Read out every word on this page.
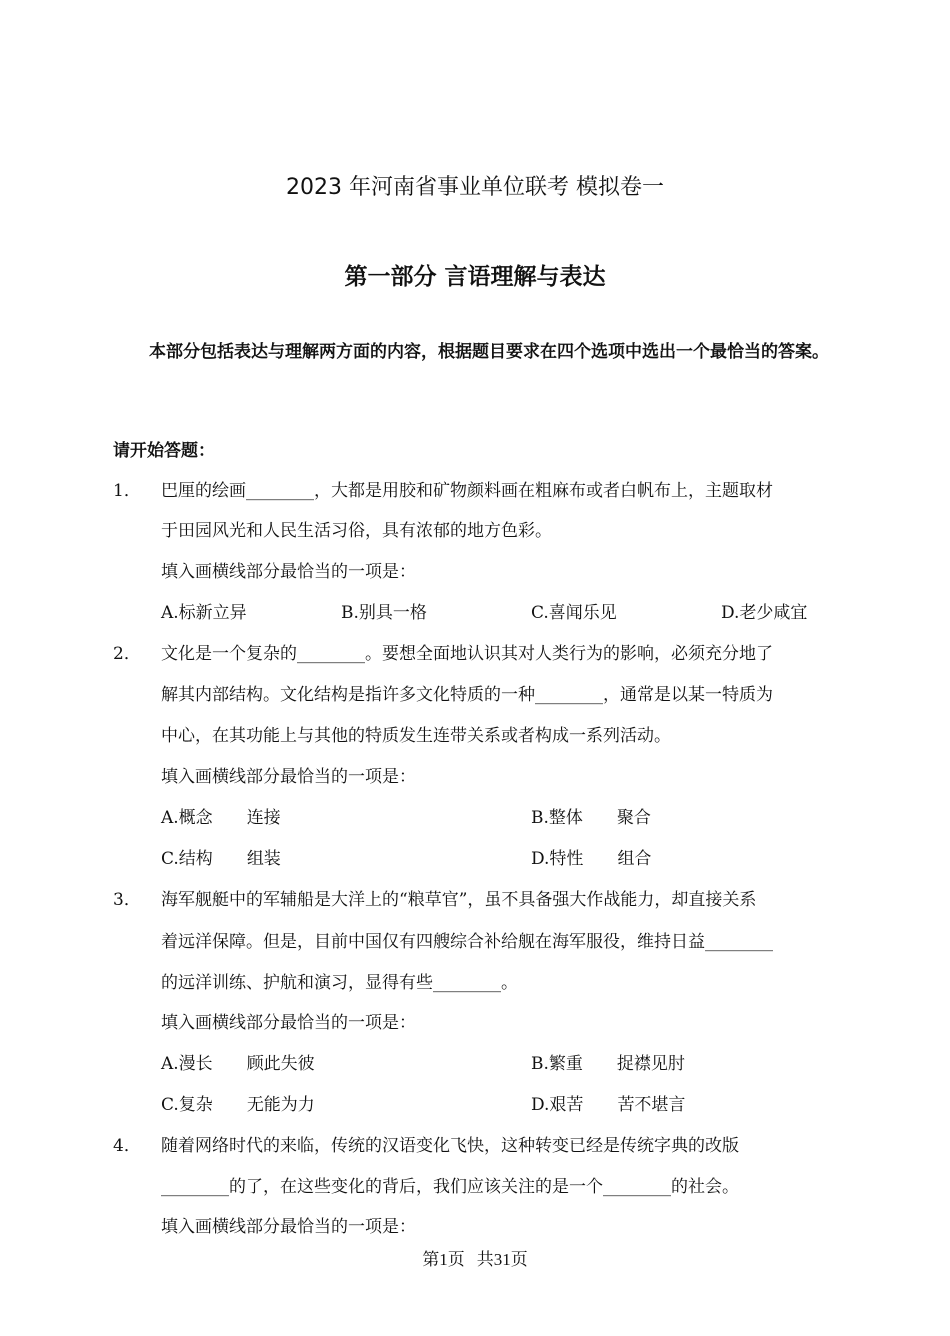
2023 年河南省事业单位联考 模拟卷一
第一部分 言语理解与表达
本部分包括表达与理解两方面的内容，根据题目要求在四个选项中选出一个最恰当的答案。
请开始答题：
1． 巴厘的绘画________，大都是用胶和矿物颜料画在粗麻布或者白帆布上，主题取材
于田园风光和人民生活习俗，具有浓郁的地方色彩。
填入画横线部分最恰当的一项是：
A.标新立异	B.别具一格	C.喜闻乐见	D.老少咸宜
2． 文化是一个复杂的________。要想全面地认识其对人类行为的影响，必须充分地了
解其内部结构。文化结构是指许多文化特质的一种________，通常是以某一特质为
中心，在其功能上与其他的特质发生连带关系或者构成一系列活动。
填入画横线部分最恰当的一项是：
A.概念 连接	B.整体 聚合
C.结构 组装	D.特性 组合
3． 海军舰艇中的军辅船是大洋上的“粮草官”，虽不具备强大作战能力，却直接关系
着远洋保障。但是，目前中国仅有四艘综合补给舰在海军服役，维持日益________
的远洋训练、护航和演习，显得有些________。
填入画横线部分最恰当的一项是：
A.漫长 顾此失彼	B.繁重 捉襟见肘
C.复杂 无能为力	D.艰苦 苦不堪言
4． 随着网络时代的来临，传统的汉语变化飞快，这种转变已经是传统字典的改版
________的了，在这些变化的背后，我们应该关注的是一个________的社会。
填入画横线部分最恰当的一项是：
第1页 共31页
